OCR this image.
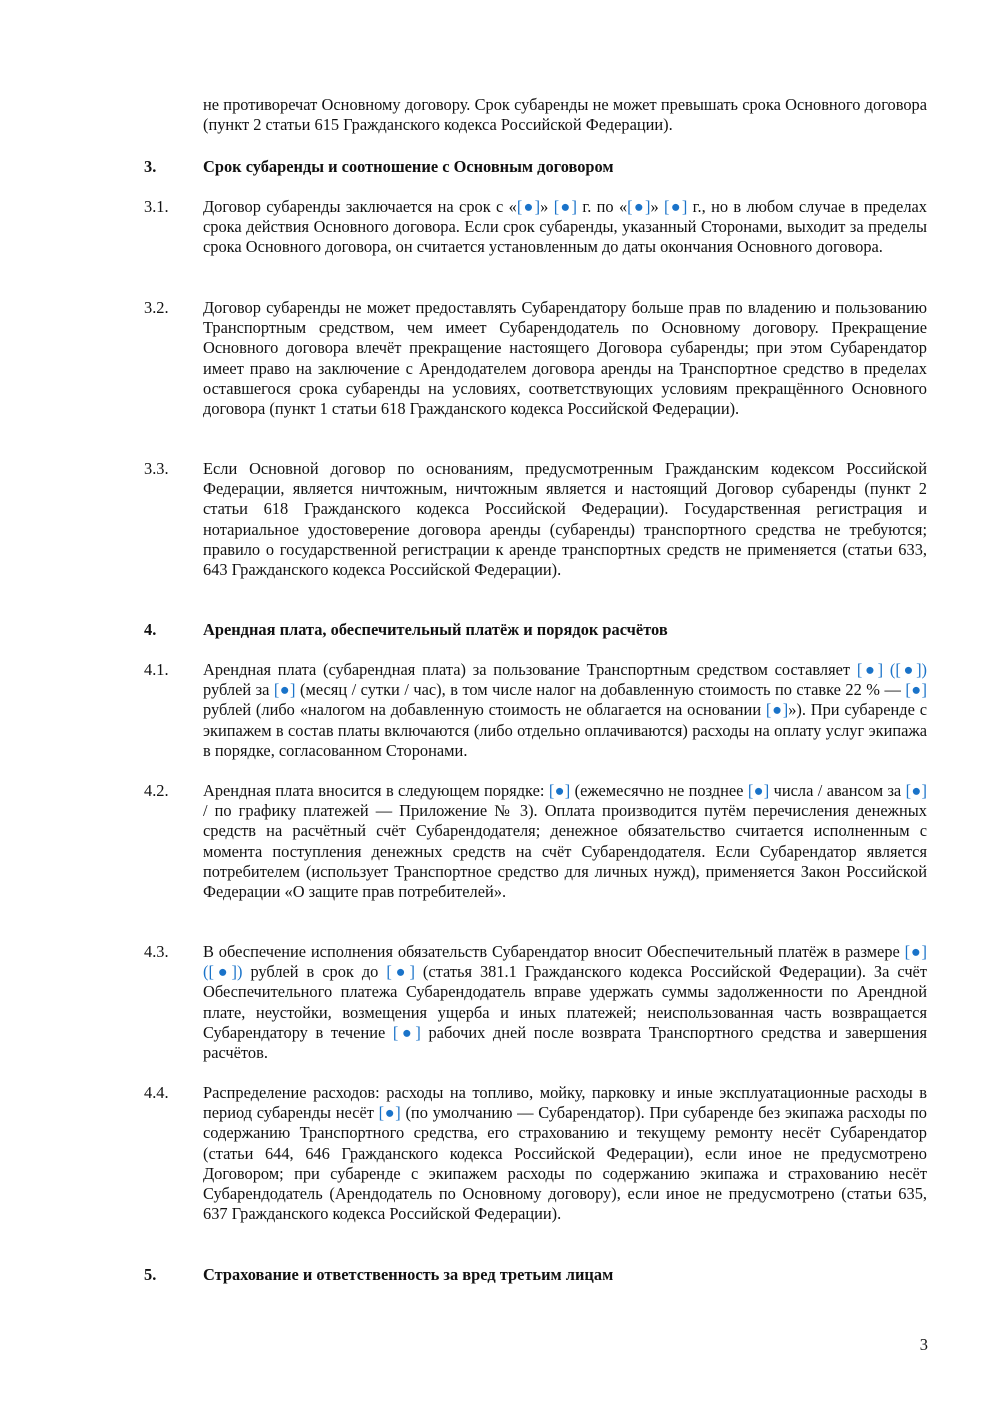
не противоречат Основному договору. Срок субаренды не может превышать срока Основного договора (пункт 2 статьи 615 Гражданского кодекса Российской Федерации).
3.	Срок субаренды и соотношение с Основным договором
3.1. Договор субаренды заключается на срок с «[●]» [●] г. по «[●]» [●] г., но в любом случае в пределах срока действия Основного договора. Если срок субаренды, указанный Сторонами, выходит за пределы срока Основного договора, он считается установленным до даты окончания Основного договора.
3.2. Договор субаренды не может предоставлять Субарендатору больше прав по владению и пользованию Транспортным средством, чем имеет Субарендодатель по Основному договору. Прекращение Основного договора влечёт прекращение настоящего Договора субаренды; при этом Субарендатор имеет право на заключение с Арендодателем договора аренды на Транспортное средство в пределах оставшегося срока субаренды на условиях, соответствующих условиям прекращённого Основного договора (пункт 1 статьи 618 Гражданского кодекса Российской Федерации).
3.3. Если Основной договор по основаниям, предусмотренным Гражданским кодексом Российской Федерации, является ничтожным, ничтожным является и настоящий Договор субаренды (пункт 2 статьи 618 Гражданского кодекса Российской Федерации). Государственная регистрация и нотариальное удостоверение договора аренды (субаренды) транспортного средства не требуются; правило о государственной регистрации к аренде транспортных средств не применяется (статьи 633, 643 Гражданского кодекса Российской Федерации).
4.	Арендная плата, обеспечительный платёж и порядок расчётов
4.1. Арендная плата (субарендная плата) за пользование Транспортным средством составляет [●] ([●]) рублей за [●] (месяц / сутки / час), в том числе налог на добавленную стоимость по ставке 22 % — [●] рублей (либо «налогом на добавленную стоимость не облагается на основании [●]»). При субаренде с экипажем в состав платы включаются (либо отдельно оплачиваются) расходы на оплату услуг экипажа в порядке, согласованном Сторонами.
4.2. Арендная плата вносится в следующем порядке: [●] (ежемесячно не позднее [●] числа / авансом за [●] / по графику платежей — Приложение № 3). Оплата производится путём перечисления денежных средств на расчётный счёт Субарендодателя; денежное обязательство считается исполненным с момента поступления денежных средств на счёт Субарендодателя. Если Субарендатор является потребителем (использует Транспортное средство для личных нужд), применяется Закон Российской Федерации «О защите прав потребителей».
4.3. В обеспечение исполнения обязательств Субарендатор вносит Обеспечительный платёж в размере [●] ([●]) рублей в срок до [●] (статья 381.1 Гражданского кодекса Российской Федерации). За счёт Обеспечительного платежа Субарендодатель вправе удержать суммы задолженности по Арендной плате, неустойки, возмещения ущерба и иных платежей; неиспользованная часть возвращается Субарендатору в течение [●] рабочих дней после возврата Транспортного средства и завершения расчётов.
4.4. Распределение расходов: расходы на топливо, мойку, парковку и иные эксплуатационные расходы в период субаренды несёт [●] (по умолчанию — Субарендатор). При субаренде без экипажа расходы по содержанию Транспортного средства, его страхованию и текущему ремонту несёт Субарендатор (статьи 644, 646 Гражданского кодекса Российской Федерации), если иное не предусмотрено Договором; при субаренде с экипажем расходы по содержанию экипажа и страхованию несёт Субарендодатель (Арендодатель по Основному договору), если иное не предусмотрено (статьи 635, 637 Гражданского кодекса Российской Федерации).
5.	Страхование и ответственность за вред третьим лицам
3
